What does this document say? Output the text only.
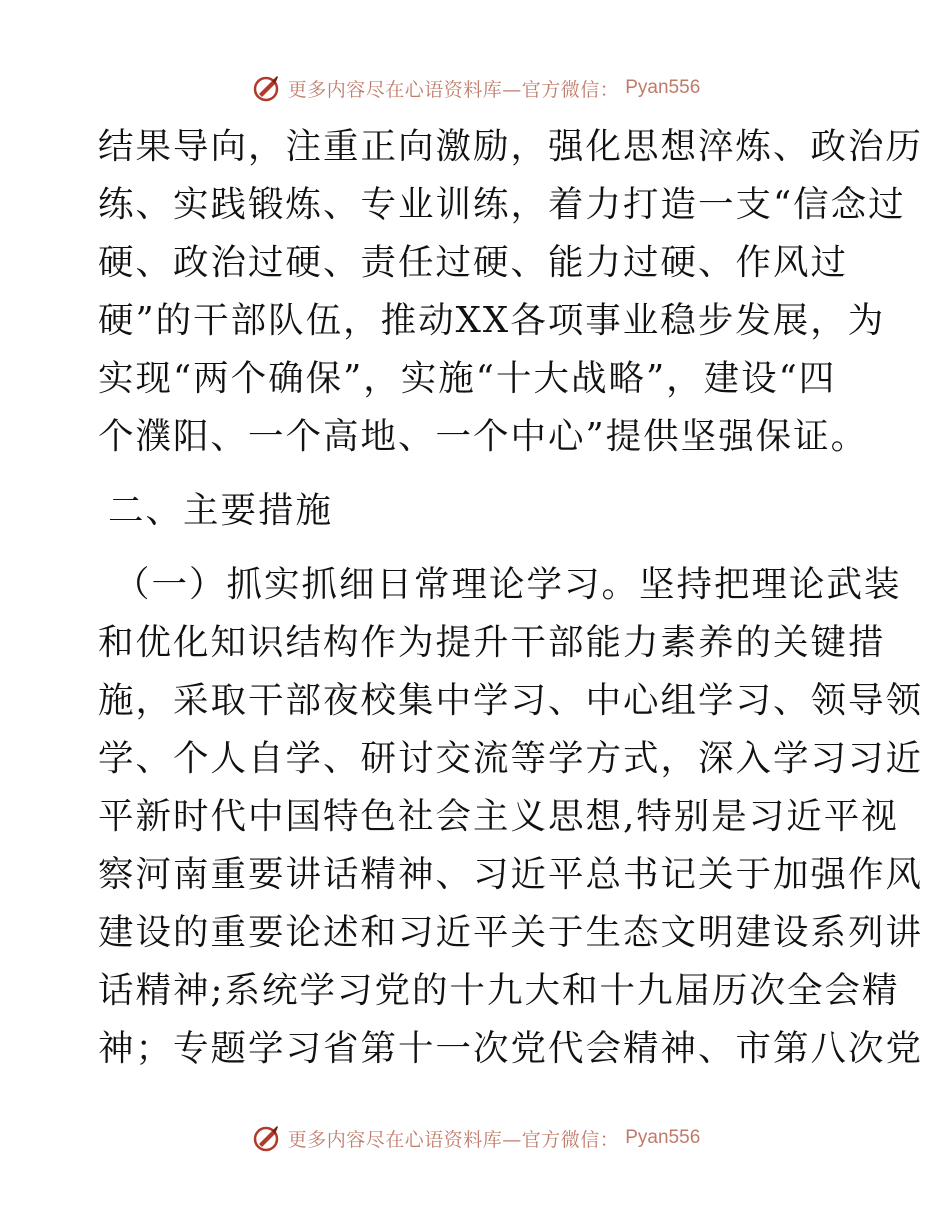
更多内容尽在心语资料库—官方微信： Pyan556
结果导向，注重正向激励，强化思想淬炼、政治历
练、实践锻炼、专业训练，着力打造一支“信念过
硬、政治过硬、责任过硬、能力过硬、作风过
硬”的干部队伍，推动XX各项事业稳步发展，为
实现“两个确保”，实施“十大战略”，建设“四
个濮阳、一个高地、一个中心”提供坚强保证。
二、主要措施
（一）抓实抓细日常理论学习。坚持把理论武装
和优化知识结构作为提升干部能力素养的关键措
施，采取干部夜校集中学习、中心组学习、领导领
学、个人自学、研讨交流等学方式，深入学习习近
平新时代中国特色社会主义思想,特别是习近平视
察河南重要讲话精神、习近平总书记关于加强作风
建设的重要论述和习近平关于生态文明建设系列讲
话精神;系统学习党的十九大和十九届历次全会精
神；专题学习省第十一次党代会精神、市第八次党
更多内容尽在心语资料库—官方微信： Pyan556
